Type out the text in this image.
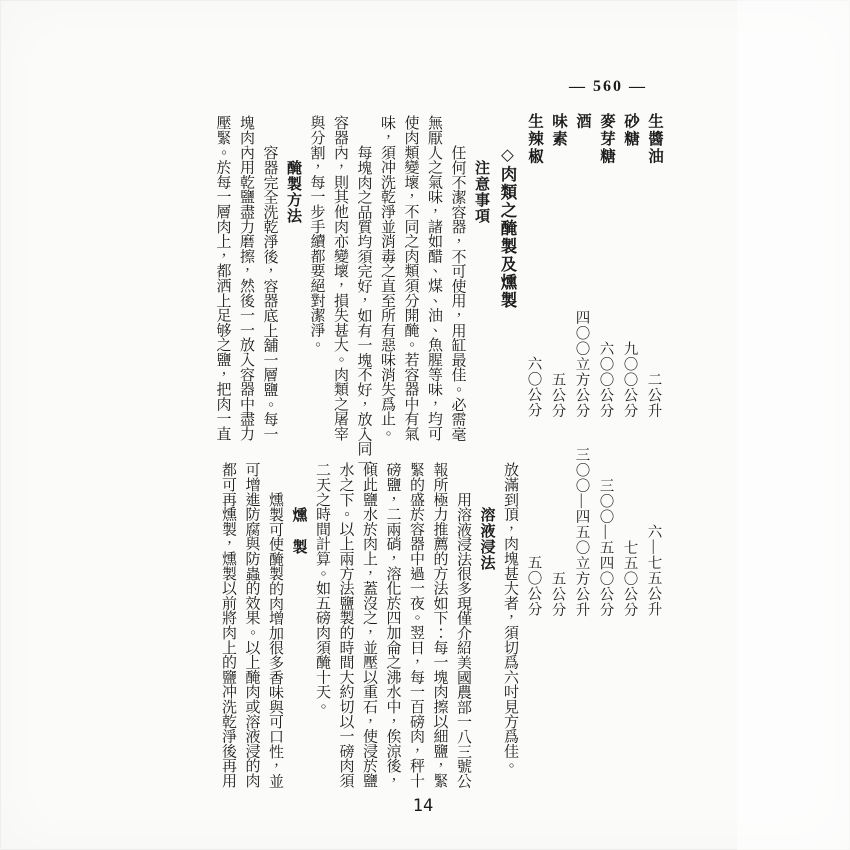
— 560 —
生醬油
二公升
六—七五公升
砂糖
九〇〇公分
七五〇公分
麥芽糖
六〇〇公分
三〇〇—五四〇公分
酒
四〇〇立方公分
三〇〇—四五〇立方公升
味素
五公分
五公分
生辣椒
六〇公分
五〇公分
◇肉類之醃製及燻製
注意事項
任何不潔容器，不可使用，用缸最佳。必需毫
無厭人之氣味，諸如醋、煤、油、魚腥等味，均可
使肉類變壞，不同之肉類須分開醃。若容器中有氣
味，須冲洗乾淨並消毒之直至所有惡味消失爲止。
每塊肉之品質均須完好，如有一塊不好，放入同一
容器內，則其他肉亦變壞，損失甚大。肉類之屠宰
與分割，每一步手續都要絕對潔淨。
醃製方法
容器完全洗乾淨後，容器底上舖一層鹽。每一
塊肉內用乾鹽盡力磨擦，然後一一放入容器中盡力
壓緊。於每一層肉上，都洒上足够之鹽，把肉一直
放滿到頂，肉塊甚大者，須切爲六吋見方爲佳。
溶液浸法
用溶液浸法很多現僅介紹美國農部一八三號公
報所極力推薦的方法如下：每一塊肉擦以細鹽，緊
緊的盛於容器中過一夜。翌日，每一百磅肉，秤十
磅鹽，二兩硝，溶化於四加侖之沸水中，俟涼後，
傾此鹽水於肉上，蓋沒之，並壓以重石，使浸於鹽
水之下。以上兩方法鹽製的時間大約切以一磅肉須
二天之時間計算。如五磅肉須醃十天。
燻　製
燻製可使醃製的肉增加很多香味與可口性，並
可增進防腐與防蟲的效果。以上醃肉或溶液浸的肉
都可再燻製，燻製以前將肉上的鹽冲洗乾淨後再用
14
